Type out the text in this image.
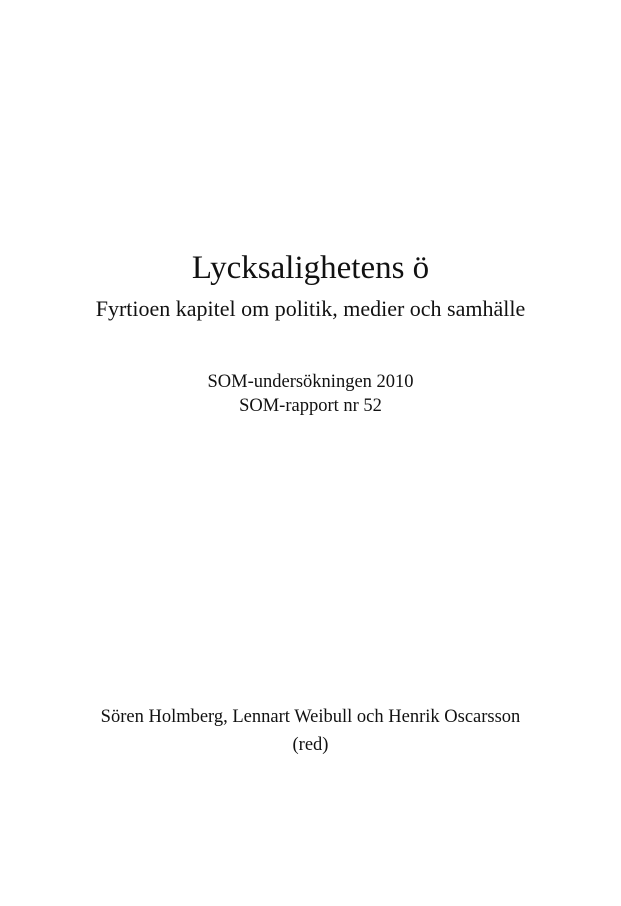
Lycksalighetens ö
Fyrtioen kapitel om politik, medier och samhälle
SOM-undersökningen 2010
SOM-rapport nr 52
Sören Holmberg, Lennart Weibull och Henrik Oscarsson
(red)
